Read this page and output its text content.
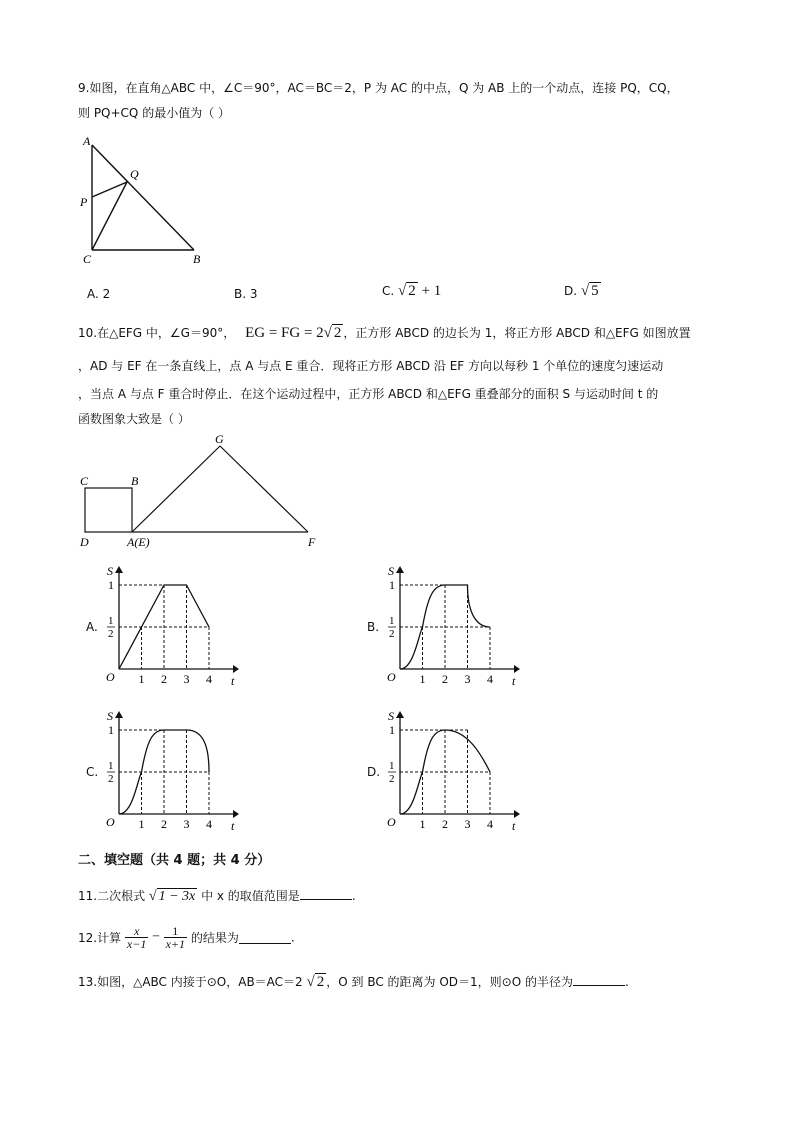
9.如图，在直角△ABC 中，∠C＝90°，AC＝BC＝2，P 为 AC 的中点，Q 为 AB 上的一个动点，连接 PQ，CQ，
则 PQ+CQ 的最小值为（ ）
A
Q
P
C	B
A. 2	B. 3	C. √ 2 + 1	D. √ 5
10.在△EFG 中，∠G＝90°， EG = FG = 2√ 2 ，正方形 ABCD 的边长为 1，将正方形 ABCD 和△EFG 如图放置
，AD 与 EF 在一条直线上，点 A 与点 E 重合．现将正方形 ABCD 沿 EF 方向以每秒 1 个单位的速度匀速运动
，当点 A 与点 F 重合时停止．在这个运动过程中，正方形 ABCD 和△EFG 重叠部分的面积 S 与运动时间 t 的
函数图象大致是（ ）
C	B
G
D	A(E)	F
A.	B.
C.	D.
S
1
1
2
O 1 2 3 4 t
S
1
1
2
O 1 2 3 4 t
S
1
1
2
O 1 2 3 4 t
S
1
1
2
O 1 2 3 4 t
二、填空题（共 4 题；共 4 分）
11.二次根式 √ 1 − 3x 中 x 的取值范围是	.
12.计算 $\frac{x}{x-1} - \frac{1}{x+1}$ 的结果为	.
13.如图，△ABC 内接于⊙O，AB＝AC＝2 √ 2 ，O 到 BC 的距离为 OD＝1，则⊙O 的半径为	.
